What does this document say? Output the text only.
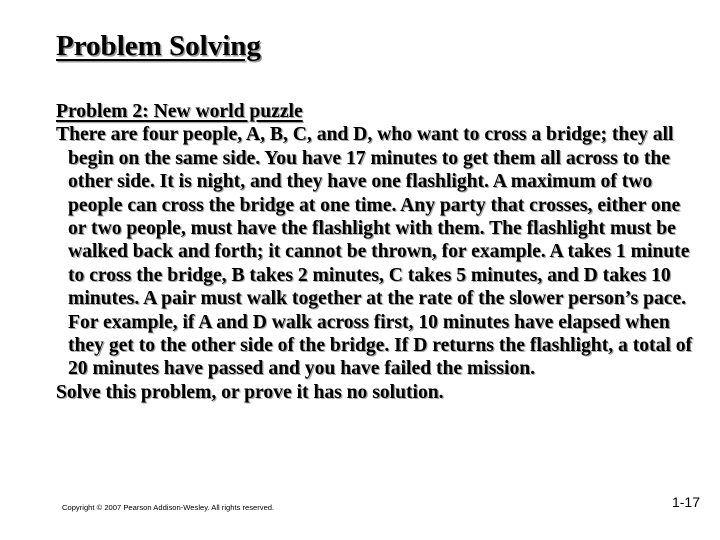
Problem Solving

Problem 2: New world puzzle

There are four people, A, B, C, and D, who want to cross a bridge; they all begin on the same side. You have 17 minutes to get them all across to the other side. It is night, and they have one flashlight. A maximum of two people can cross the bridge at one time. Any party that crosses, either one or two people, must have the flashlight with them. The flashlight must be walked back and forth; it cannot be thrown, for example. A takes 1 minute to cross the bridge, B takes 2 minutes, C takes 5 minutes, and D takes 10 minutes. A pair must walk together at the rate of the slower person’s pace. For example, if A and D walk across first, 10 minutes have elapsed when they get to the other side of the bridge. If D returns the flashlight, a total of 20 minutes have passed and you have failed the mission.

Solve this problem, or prove it has no solution.

Copyright © 2007 Pearson Addison-Wesley. All rights reserved.	1-17
